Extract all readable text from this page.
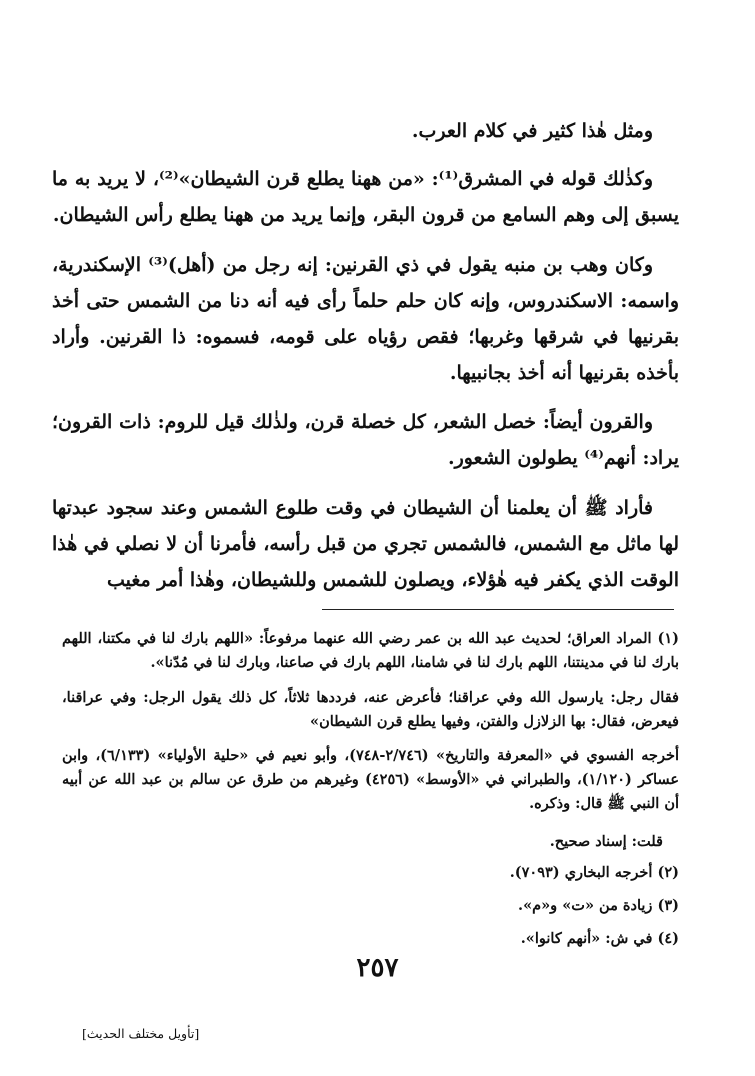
ومثل هٰذا كثير في كلام العرب.

وكذٰلك قوله في المشرق⁽¹⁾: «من ههنا يطلع قرن الشيطان»⁽²⁾، لا يريد به ما يسبق إلى وهم السامع من قرون البقر، وإنما يريد من ههنا يطلع رأس الشيطان.

وكان وهب بن منبه يقول في ذي القرنين: إنه رجل من (أهل)⁽³⁾ الإسكندرية، واسمه: الاسكندروس، وإنه كان حلم حلماً رأى فيه أنه دنا من الشمس حتى أخذ بقرنيها في شرقها وغربها؛ فقص رؤياه على قومه، فسموه: ذا القرنين. وأراد بأخذه بقرنيها أنه أخذ بجانبيها.

والقرون أيضاً: خصل الشعر، كل خصلة قرن، ولذٰلك قيل للروم: ذات القرون؛ يراد: أنهم⁽⁴⁾ يطولون الشعور.

فأراد ﷺ أن يعلمنا أن الشيطان في وقت طلوع الشمس وعند سجود عبدتها لها ماثل مع الشمس، فالشمس تجري من قبل رأسه، فأمرنا أن لا نصلي في هٰذا الوقت الذي يكفر فيه هٰؤلاء، ويصلون للشمس وللشيطان، وهٰذا أمر مغيب

(١) المراد العراق؛ لحديث عبد الله بن عمر رضي الله عنهما مرفوعاً: «اللهم بارك لنا في مكتنا، اللهم بارك لنا في مدينتنا، اللهم بارك لنا في شامنا، اللهم بارك في صاعنا، وبارك لنا في مُدّنا».

فقال رجل: يارسول الله وفي عراقنا؛ فأعرض عنه، فرددها ثلاثاً، كل ذلك يقول الرجل: وفي عراقنا، فيعرض، فقال: بها الزلازل والفتن، وفيها يطلع قرن الشيطان»

أخرجه الفسوي في «المعرفة والتاريخ» (٢/٧٤٦-٧٤٨)، وأبو نعيم في «حلية الأولياء» (٦/١٣٣)، وابن عساكر (١/١٢٠)، والطبراني في «الأوسط» (٤٢٥٦) وغيرهم من طرق عن سالم بن عبد الله عن أبيه أن النبي ﷺ قال: وذكره.

قلت: إسناد صحيح.

(٢) أخرجه البخاري (٧٠٩٣).

(٣) زيادة من «ت» و«م».

(٤) في ش: «أنهم كانوا».

٢٥٧
[تأويل مختلف الحديث]
